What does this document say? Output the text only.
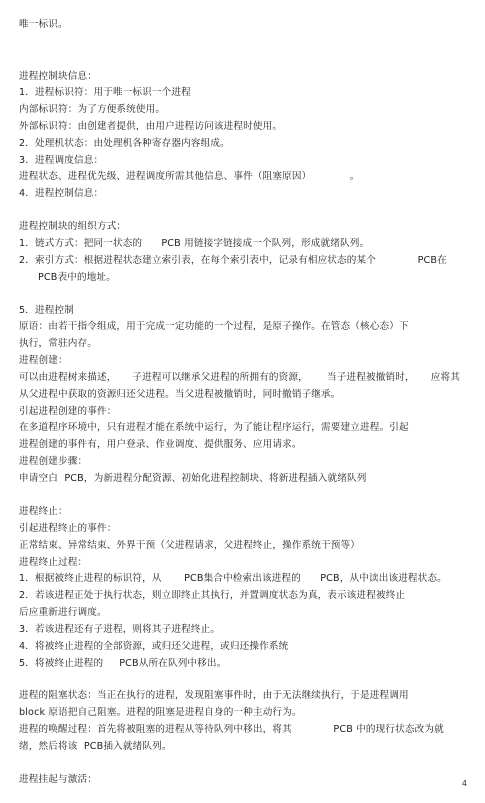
唯一标识。
进程控制块信息：
1．进程标识符：用于唯一标识一个进程
内部标识符：为了方便系统使用。
外部标识符：由创建者提供，由用户进程访问该进程时使用。
2．处理机状态：由处理机各种寄存器内容组成。
3．进程调度信息：
进程状态、进程优先级、进程调度所需其他信息、事件（阻塞原因）            。
4．进程控制信息：
进程控制块的组织方式：
1．链式方式：把同一状态的      PCB 用链接字链接成一个队列，形成就绪队列。
2．索引方式：根据进程状态建立索引表，在每个索引表中，记录有相应状态的某个             PCB在
PCB表中的地址。
5．进程控制
原语：由若干指令组成，用于完成一定功能的一个过程，是原子操作。在管态（核心态）下
执行，常驻内存。
进程创建：
可以由进程树来描述，     子进程可以继承父进程的所拥有的资源，      当子进程被撤销时，     应将其
从父进程中获取的资源归还父进程。当父进程被撤销时，同时撤销子继承。
引起进程创建的事件：
在多道程序环境中，只有进程才能在系统中运行，为了能让程序运行，需要建立进程。引起
进程创建的事件有，用户登录、作业调度、提供服务、应用请求。
进程创建步骤：
申请空白  PCB，为新进程分配资源、初始化进程控制块、将新进程插入就绪队列
进程终止：
引起进程终止的事件：
正常结束、异常结束、外界干预（父进程请求，父进程终止，操作系统干预等）
进程终止过程：
1．根据被终止进程的标识符，从       PCB集合中检索出该进程的      PCB，从中读出该进程状态。
2．若该进程正处于执行状态，则立即终止其执行，并置调度状态为真，表示该进程被终止
后应重新进行调度。
3．若该进程还有子进程，则将其子进程终止。
4．将被终止进程的全部资源，或归还父进程，或归还操作系统
5．将被终止进程的     PCB从所在队列中移出。
进程的阻塞状态：当正在执行的进程，发现阻塞事件时，由于无法继续执行，于是进程调用
block 原语把自己阻塞。进程的阻塞是进程自身的一种主动行为。
进程的唤醒过程：首先将被阻塞的进程从等待队列中移出，将其             PCB 中的现行状态改为就
绪，然后将该  PCB插入就绪队列。
进程挂起与激活：	4
